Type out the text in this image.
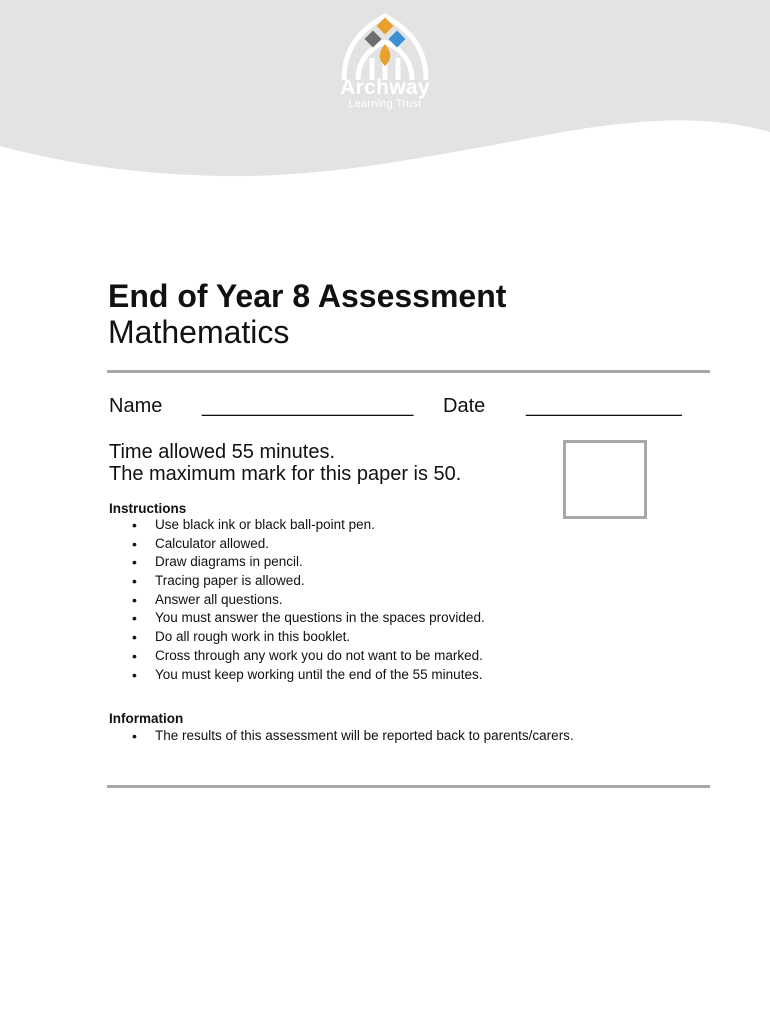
Archway
Learning Trust
End of Year 8 Assessment
Mathematics
Name ___________________ Date ______________
Time allowed 55 minutes.
The maximum mark for this paper is 50.
Instructions
• Use black ink or black ball-point pen.
• Calculator allowed.
• Draw diagrams in pencil.
• Tracing paper is allowed.
• Answer all questions.
• You must answer the questions in the spaces provided.
• Do all rough work in this booklet.
• Cross through any work you do not want to be marked.
• You must keep working until the end of the 55 minutes.
Information
• The results of this assessment will be reported back to parents/carers.
